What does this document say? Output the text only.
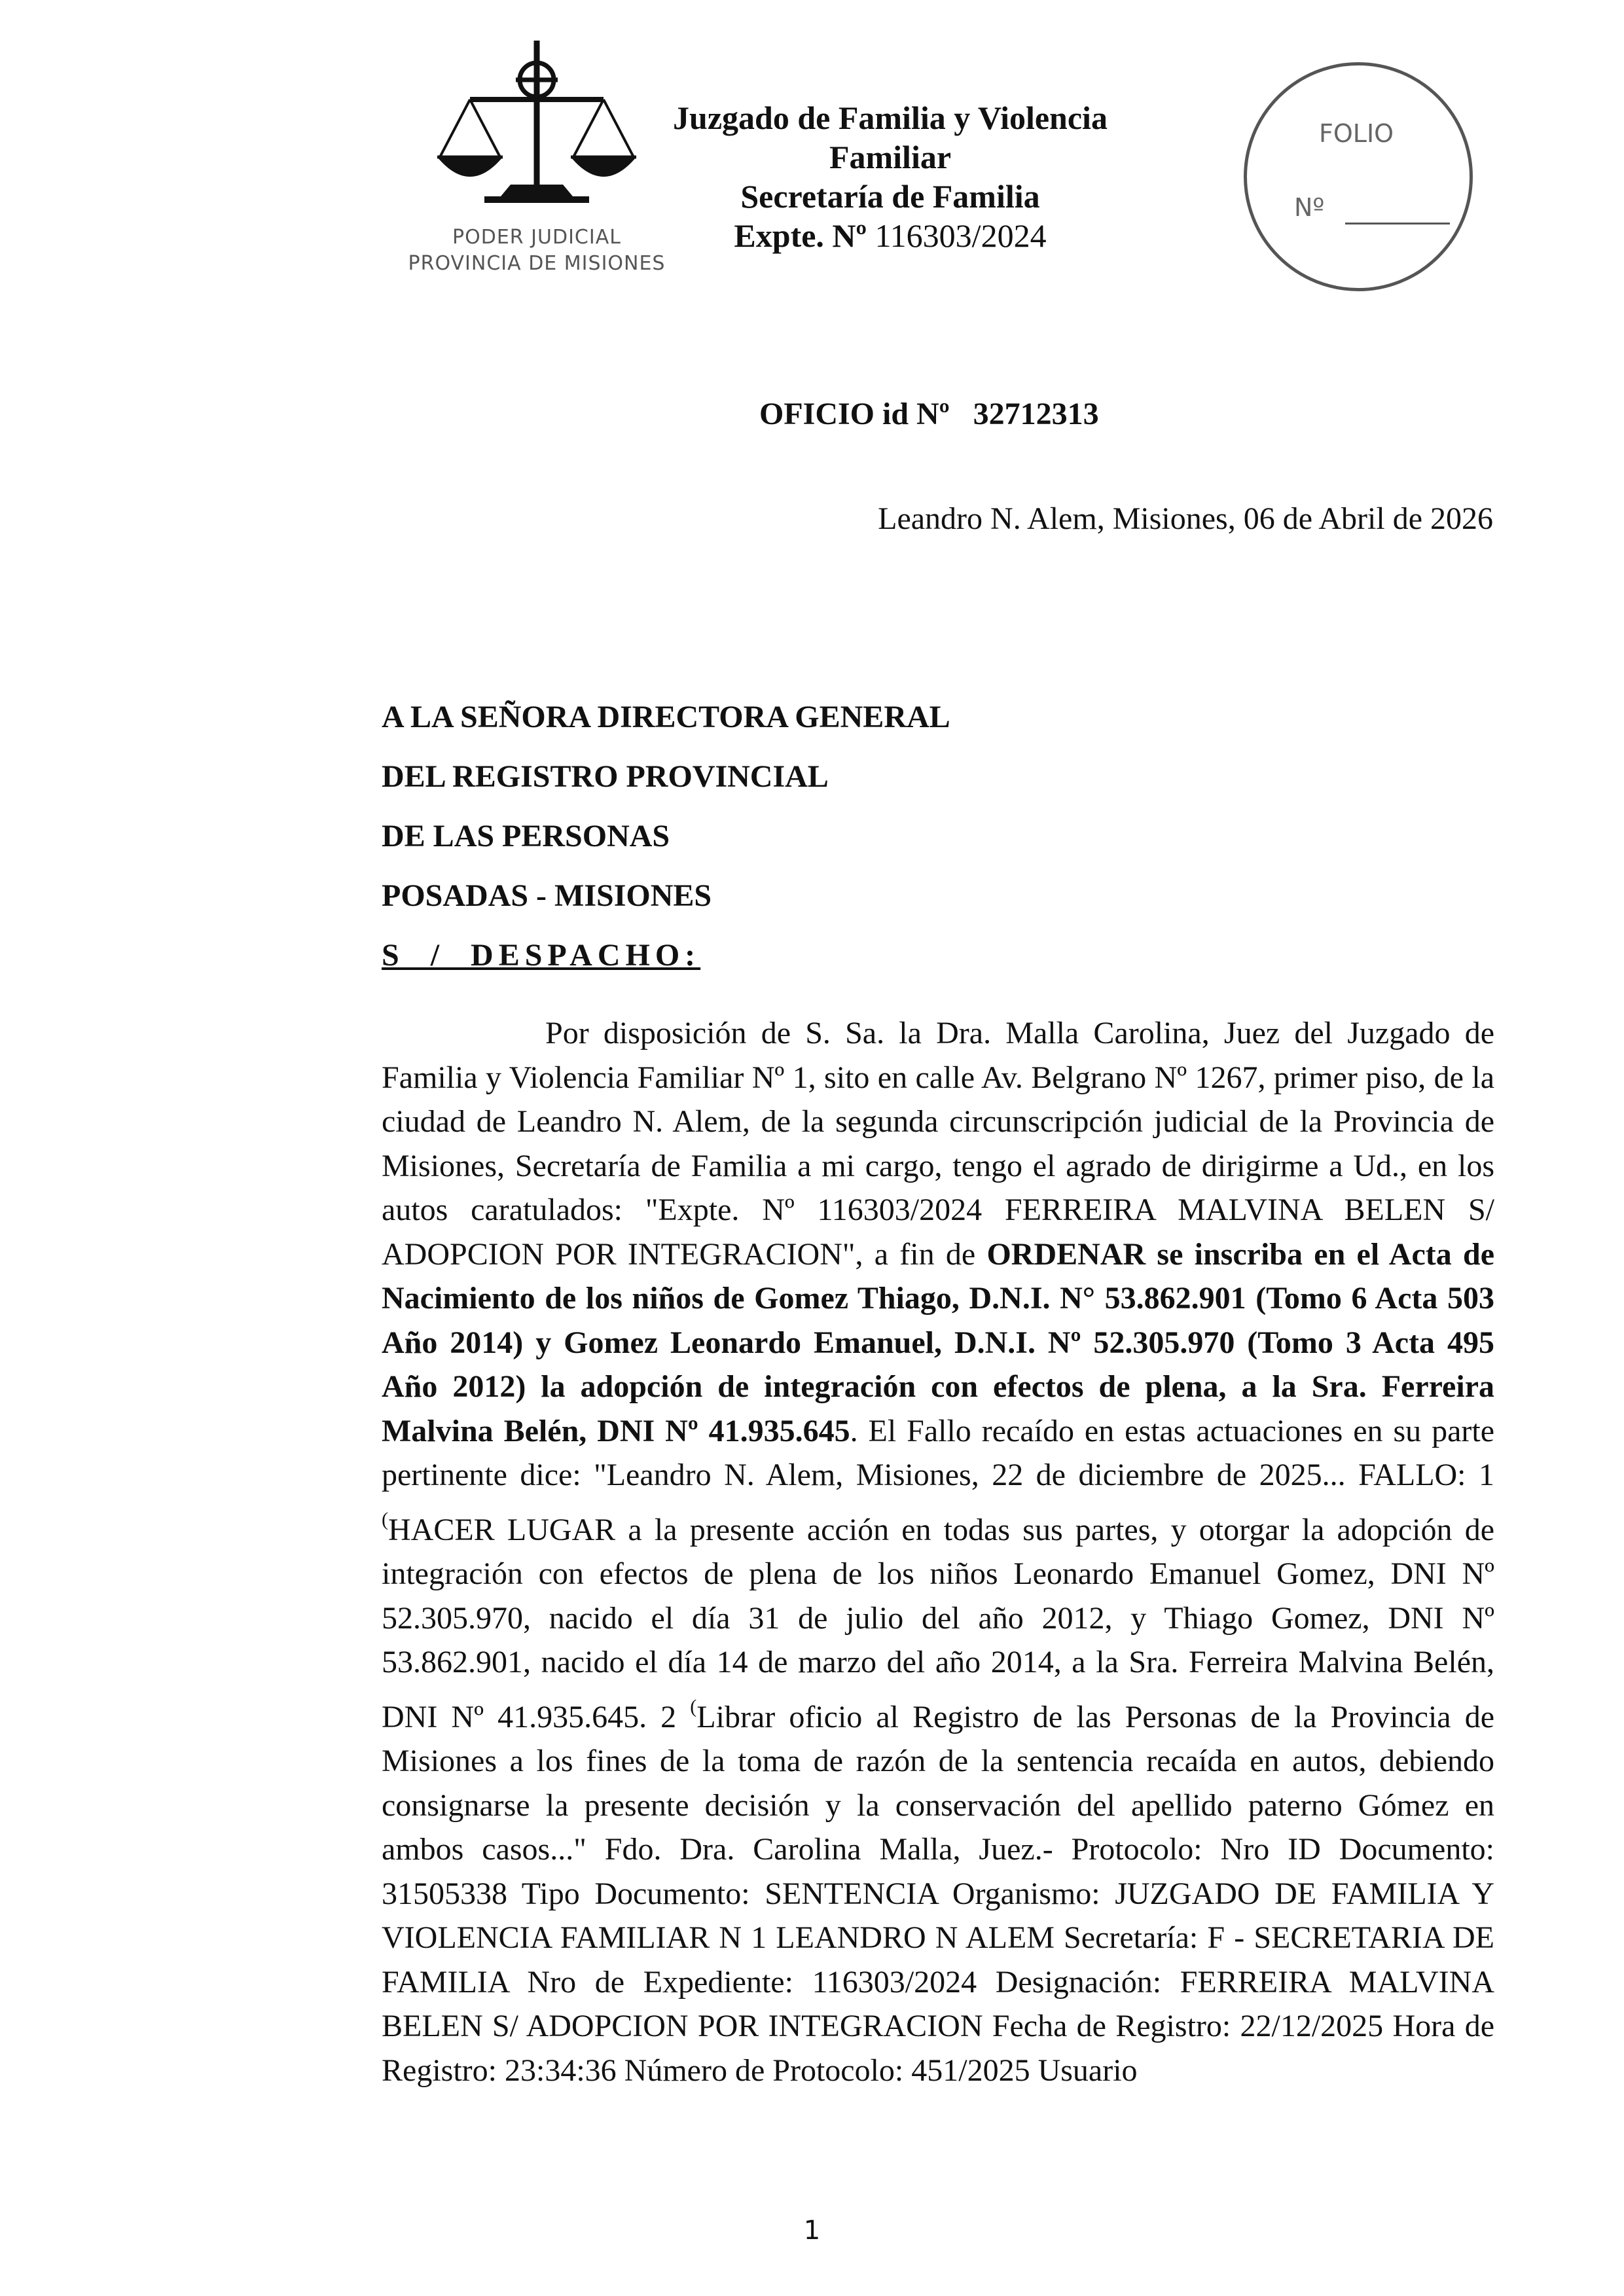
PODER JUDICIAL
PROVINCIA DE MISIONES
Juzgado de Familia y Violencia
Familiar
Secretaría de Familia
Expte. Nº 116303/2024
FOLIO
Nº
OFICIO id Nº 32712313
Leandro N. Alem, Misiones, 06 de Abril de 2026
A LA SEÑORA DIRECTORA GENERAL
DEL REGISTRO PROVINCIAL
DE LAS PERSONAS
POSADAS - MISIONES
S / DESPACHO:

Por disposición de S. Sa. la Dra. Malla Carolina, Juez del Juzgado de Familia y Violencia Familiar Nº 1, sito en calle Av. Belgrano Nº 1267, primer piso, de la ciudad de Leandro N. Alem, de la segunda circunscripción judicial de la Provincia de Misiones, Secretaría de Familia a mi cargo, tengo el agrado de dirigirme a Ud., en los autos caratulados: "Expte. Nº 116303/2024 FERREIRA MALVINA BELEN S/ ADOPCION POR INTEGRACION", a fin de ORDENAR se inscriba en el Acta de Nacimiento de los niños de Gomez Thiago, D.N.I. N° 53.862.901 (Tomo 6 Acta 503 Año 2014) y Gomez Leonardo Emanuel, D.N.I. Nº 52.305.970 (Tomo 3 Acta 495 Año 2012) la adopción de integración con efectos de plena, a la Sra. Ferreira Malvina Belén, DNI Nº 41.935.645. El Fallo recaído en estas actuaciones en su parte pertinente dice: "Leandro N. Alem, Misiones, 22 de diciembre de 2025... FALLO: 1 (HACER LUGAR a la presente acción en todas sus partes, y otorgar la adopción de integración con efectos de plena de los niños Leonardo Emanuel Gomez, DNI Nº 52.305.970, nacido el día 31 de julio del año 2012, y Thiago Gomez, DNI Nº 53.862.901, nacido el día 14 de marzo del año 2014, a la Sra. Ferreira Malvina Belén, DNI Nº 41.935.645. 2 (Librar oficio al Registro de las Personas de la Provincia de Misiones a los fines de la toma de razón de la sentencia recaída en autos, debiendo consignarse la presente decisión y la conservación del apellido paterno Gómez en ambos casos..." Fdo. Dra. Carolina Malla, Juez.- Protocolo: Nro ID Documento: 31505338 Tipo Documento: SENTENCIA Organismo: JUZGADO DE FAMILIA Y VIOLENCIA FAMILIAR N 1 LEANDRO N ALEM Secretaría: F - SECRETARIA DE FAMILIA Nro de Expediente: 116303/2024 Designación: FERREIRA MALVINA BELEN S/ ADOPCION POR INTEGRACION Fecha de Registro: 22/12/2025 Hora de Registro: 23:34:36 Número de Protocolo: 451/2025 Usuario

1
